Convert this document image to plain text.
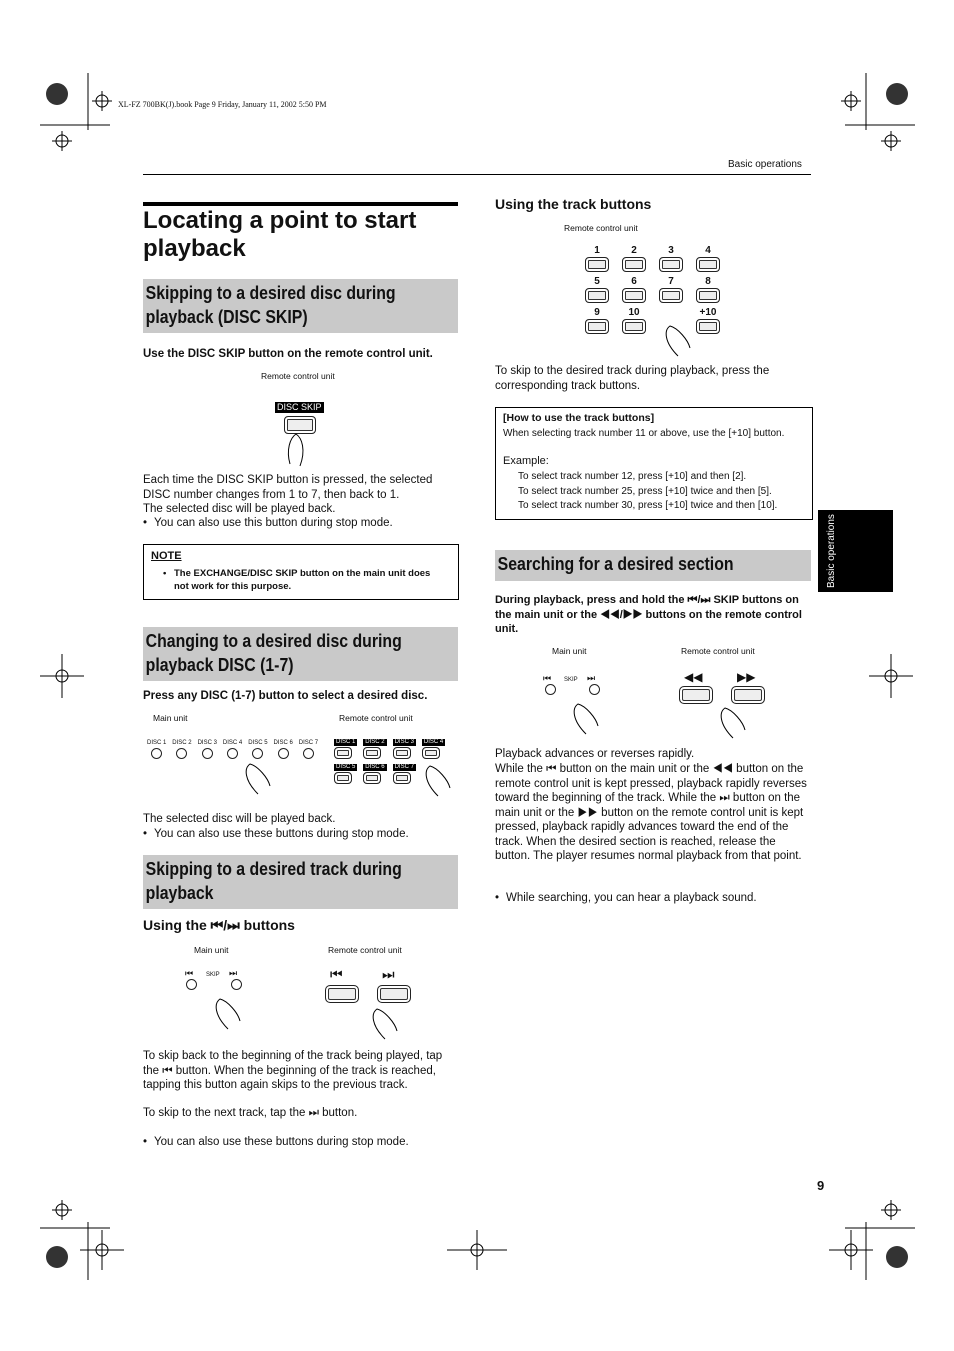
XL-FZ 700BK(J).book Page 9 Friday, January 11, 2002 5:50 PM
Basic operations
Basic operations
9
Locating a point to start playback
Skipping to a desired disc during playback (DISC SKIP)
Use the DISC SKIP button on the remote control unit.
Remote control unit
DISC SKIP
Each time the DISC SKIP button is pressed, the selected DISC number changes from 1 to 7, then back to 1.
The selected disc will be played back.
• You can also use this button during stop mode.
NOTE
• The EXCHANGE/DISC SKIP button on the main unit does not work for this purpose.
Changing to a desired disc during playback DISC (1-7)
Press any DISC (1-7) button to select a desired disc.
Main unit	Remote control unit
DISC 1 DISC 2 DISC 3 DISC 4 DISC 5 DISC 6 DISC 7	DISC 1	DISC 2	DISC 3	DISC 4
DISC 5	DISC 6	DISC 7
The selected disc will be played back.
• You can also use these buttons during stop mode.
Skipping to a desired track during playback
Using the ⏮/⏭ buttons
Main unit	Remote control unit
⏮ SKIP ⏭	⏮	⏭
To skip back to the beginning of the track being played, tap the ⏮ button. When the beginning of the track is reached, tapping this button again skips to the previous track.
To skip to the next track, tap the ⏭ button.
• You can also use these buttons during stop mode.
Using the track buttons
Remote control unit
1	2	3	4
5	6	7	8
9	10	+10
To skip to the desired track during playback, press the corresponding track buttons.
[How to use the track buttons]
When selecting track number 11 or above, use the [+10] button.
Example:
To select track number 12, press [+10] and then [2].
To select track number 25, press [+10] twice and then [5].
To select track number 30, press [+10] twice and then [10].
Searching for a desired section
During playback, press and hold the ⏮/⏭ SKIP buttons on the main unit or the ◀◀/▶▶ buttons on the remote control unit.
Main unit	Remote control unit
⏮ SKIP ⏭	◀◀	▶▶
Playback advances or reverses rapidly.
While the ⏮ button on the main unit or the ◀◀ button on the remote control unit is kept pressed, playback rapidly reverses toward the beginning of the track. While the ⏭ button on the main unit or the ▶▶ button on the remote control unit is kept pressed, playback rapidly advances toward the end of the track. When the desired section is reached, release the button. The player resumes normal playback from that point.
• While searching, you can hear a playback sound.
